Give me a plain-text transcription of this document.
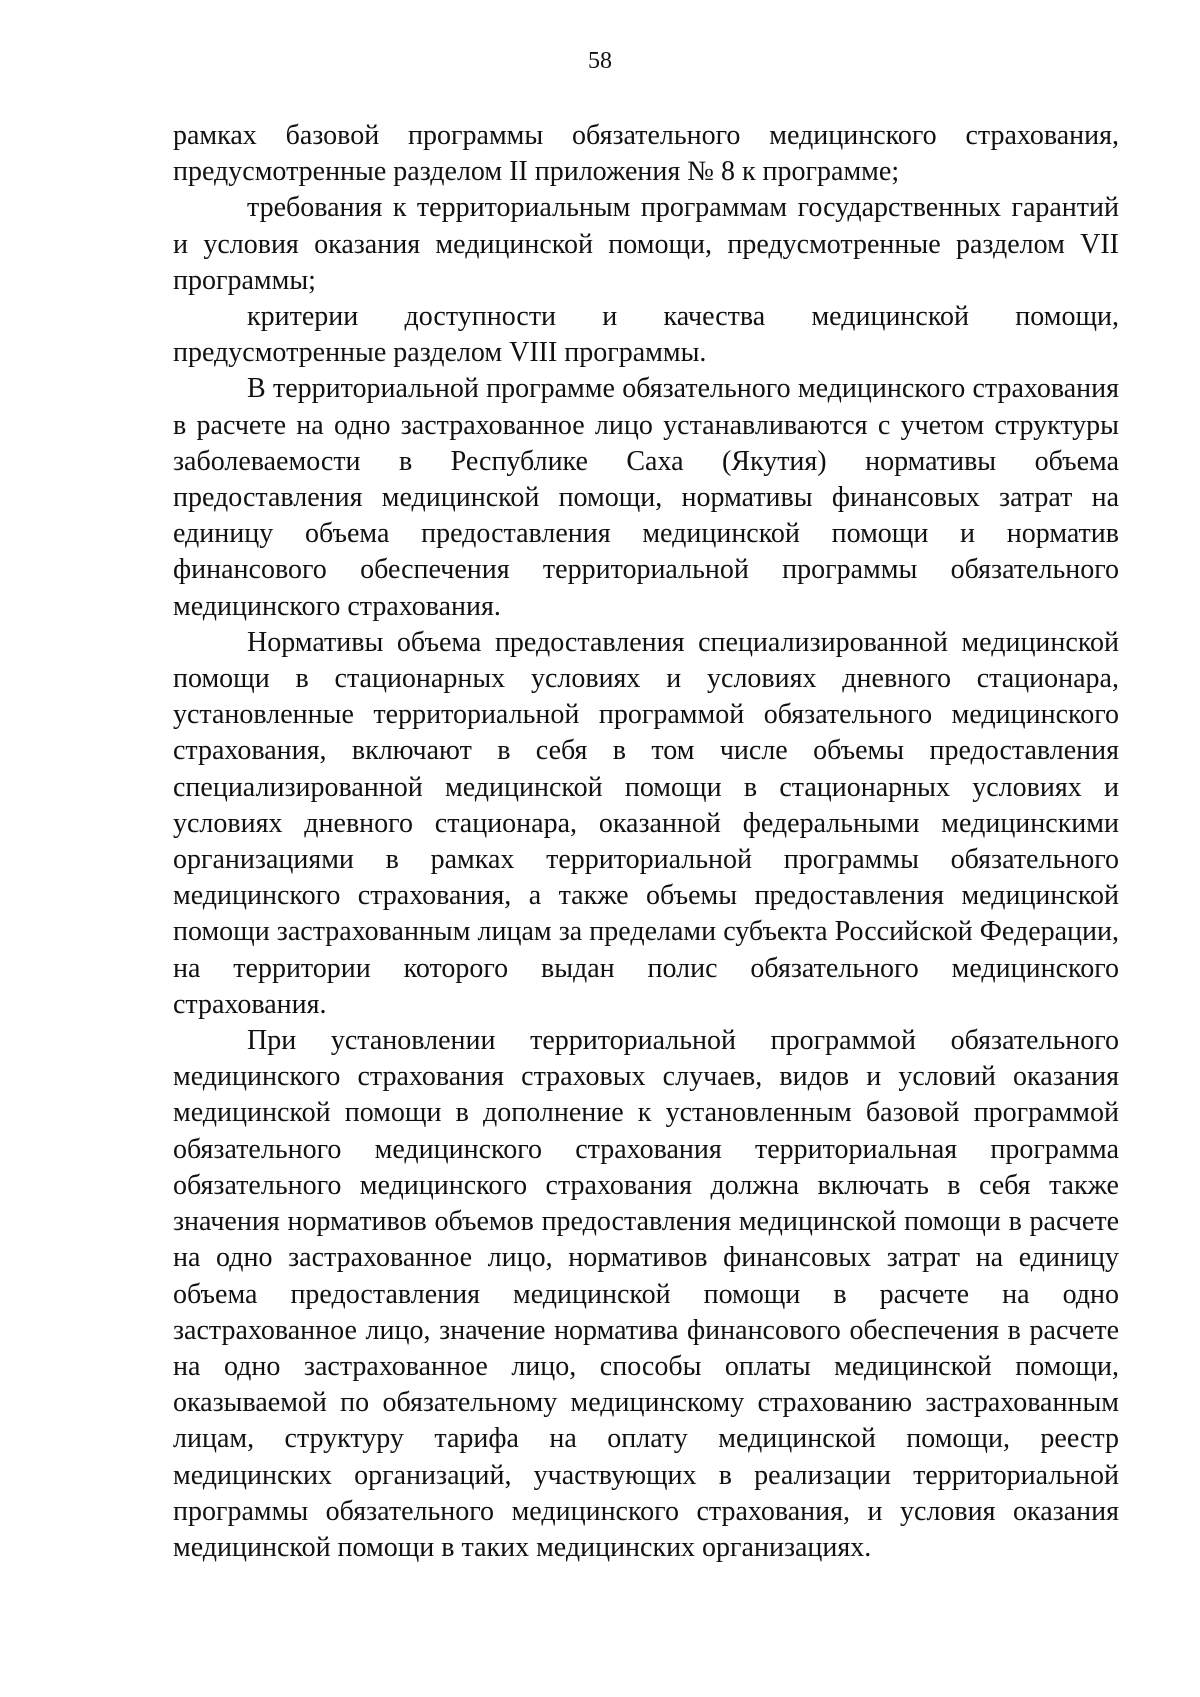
58

рамках базовой программы обязательного медицинского страхования, предусмотренные разделом II приложения № 8 к программе;

требования к территориальным программам государственных гарантий и условия оказания медицинской помощи, предусмотренные разделом VII программы;

критерии доступности и качества медицинской помощи, предусмотренные разделом VIII программы.

В территориальной программе обязательного медицинского страхования в расчете на одно застрахованное лицо устанавливаются с учетом структуры заболеваемости в Республике Саха (Якутия) нормативы объема предоставления медицинской помощи, нормативы финансовых затрат на единицу объема предоставления медицинской помощи и норматив финансового обеспечения территориальной программы обязательного медицинского страхования.

Нормативы объема предоставления специализированной медицинской помощи в стационарных условиях и условиях дневного стационара, установленные территориальной программой обязательного медицинского страхования, включают в себя в том числе объемы предоставления специализированной медицинской помощи в стационарных условиях и условиях дневного стационара, оказанной федеральными медицинскими организациями в рамках территориальной программы обязательного медицинского страхования, а также объемы предоставления медицинской помощи застрахованным лицам за пределами субъекта Российской Федерации, на территории которого выдан полис обязательного медицинского страхования.

При установлении территориальной программой обязательного медицинского страхования страховых случаев, видов и условий оказания медицинской помощи в дополнение к установленным базовой программой обязательного медицинского страхования территориальная программа обязательного медицинского страхования должна включать в себя также значения нормативов объемов предоставления медицинской помощи в расчете на одно застрахованное лицо, нормативов финансовых затрат на единицу объема предоставления медицинской помощи в расчете на одно застрахованное лицо, значение норматива финансового обеспечения в расчете на одно застрахованное лицо, способы оплаты медицинской помощи, оказываемой по обязательному медицинскому страхованию застрахованным лицам, структуру тарифа на оплату медицинской помощи, реестр медицинских организаций, участвующих в реализации территориальной программы обязательного медицинского страхования, и условия оказания медицинской помощи в таких медицинских организациях.
